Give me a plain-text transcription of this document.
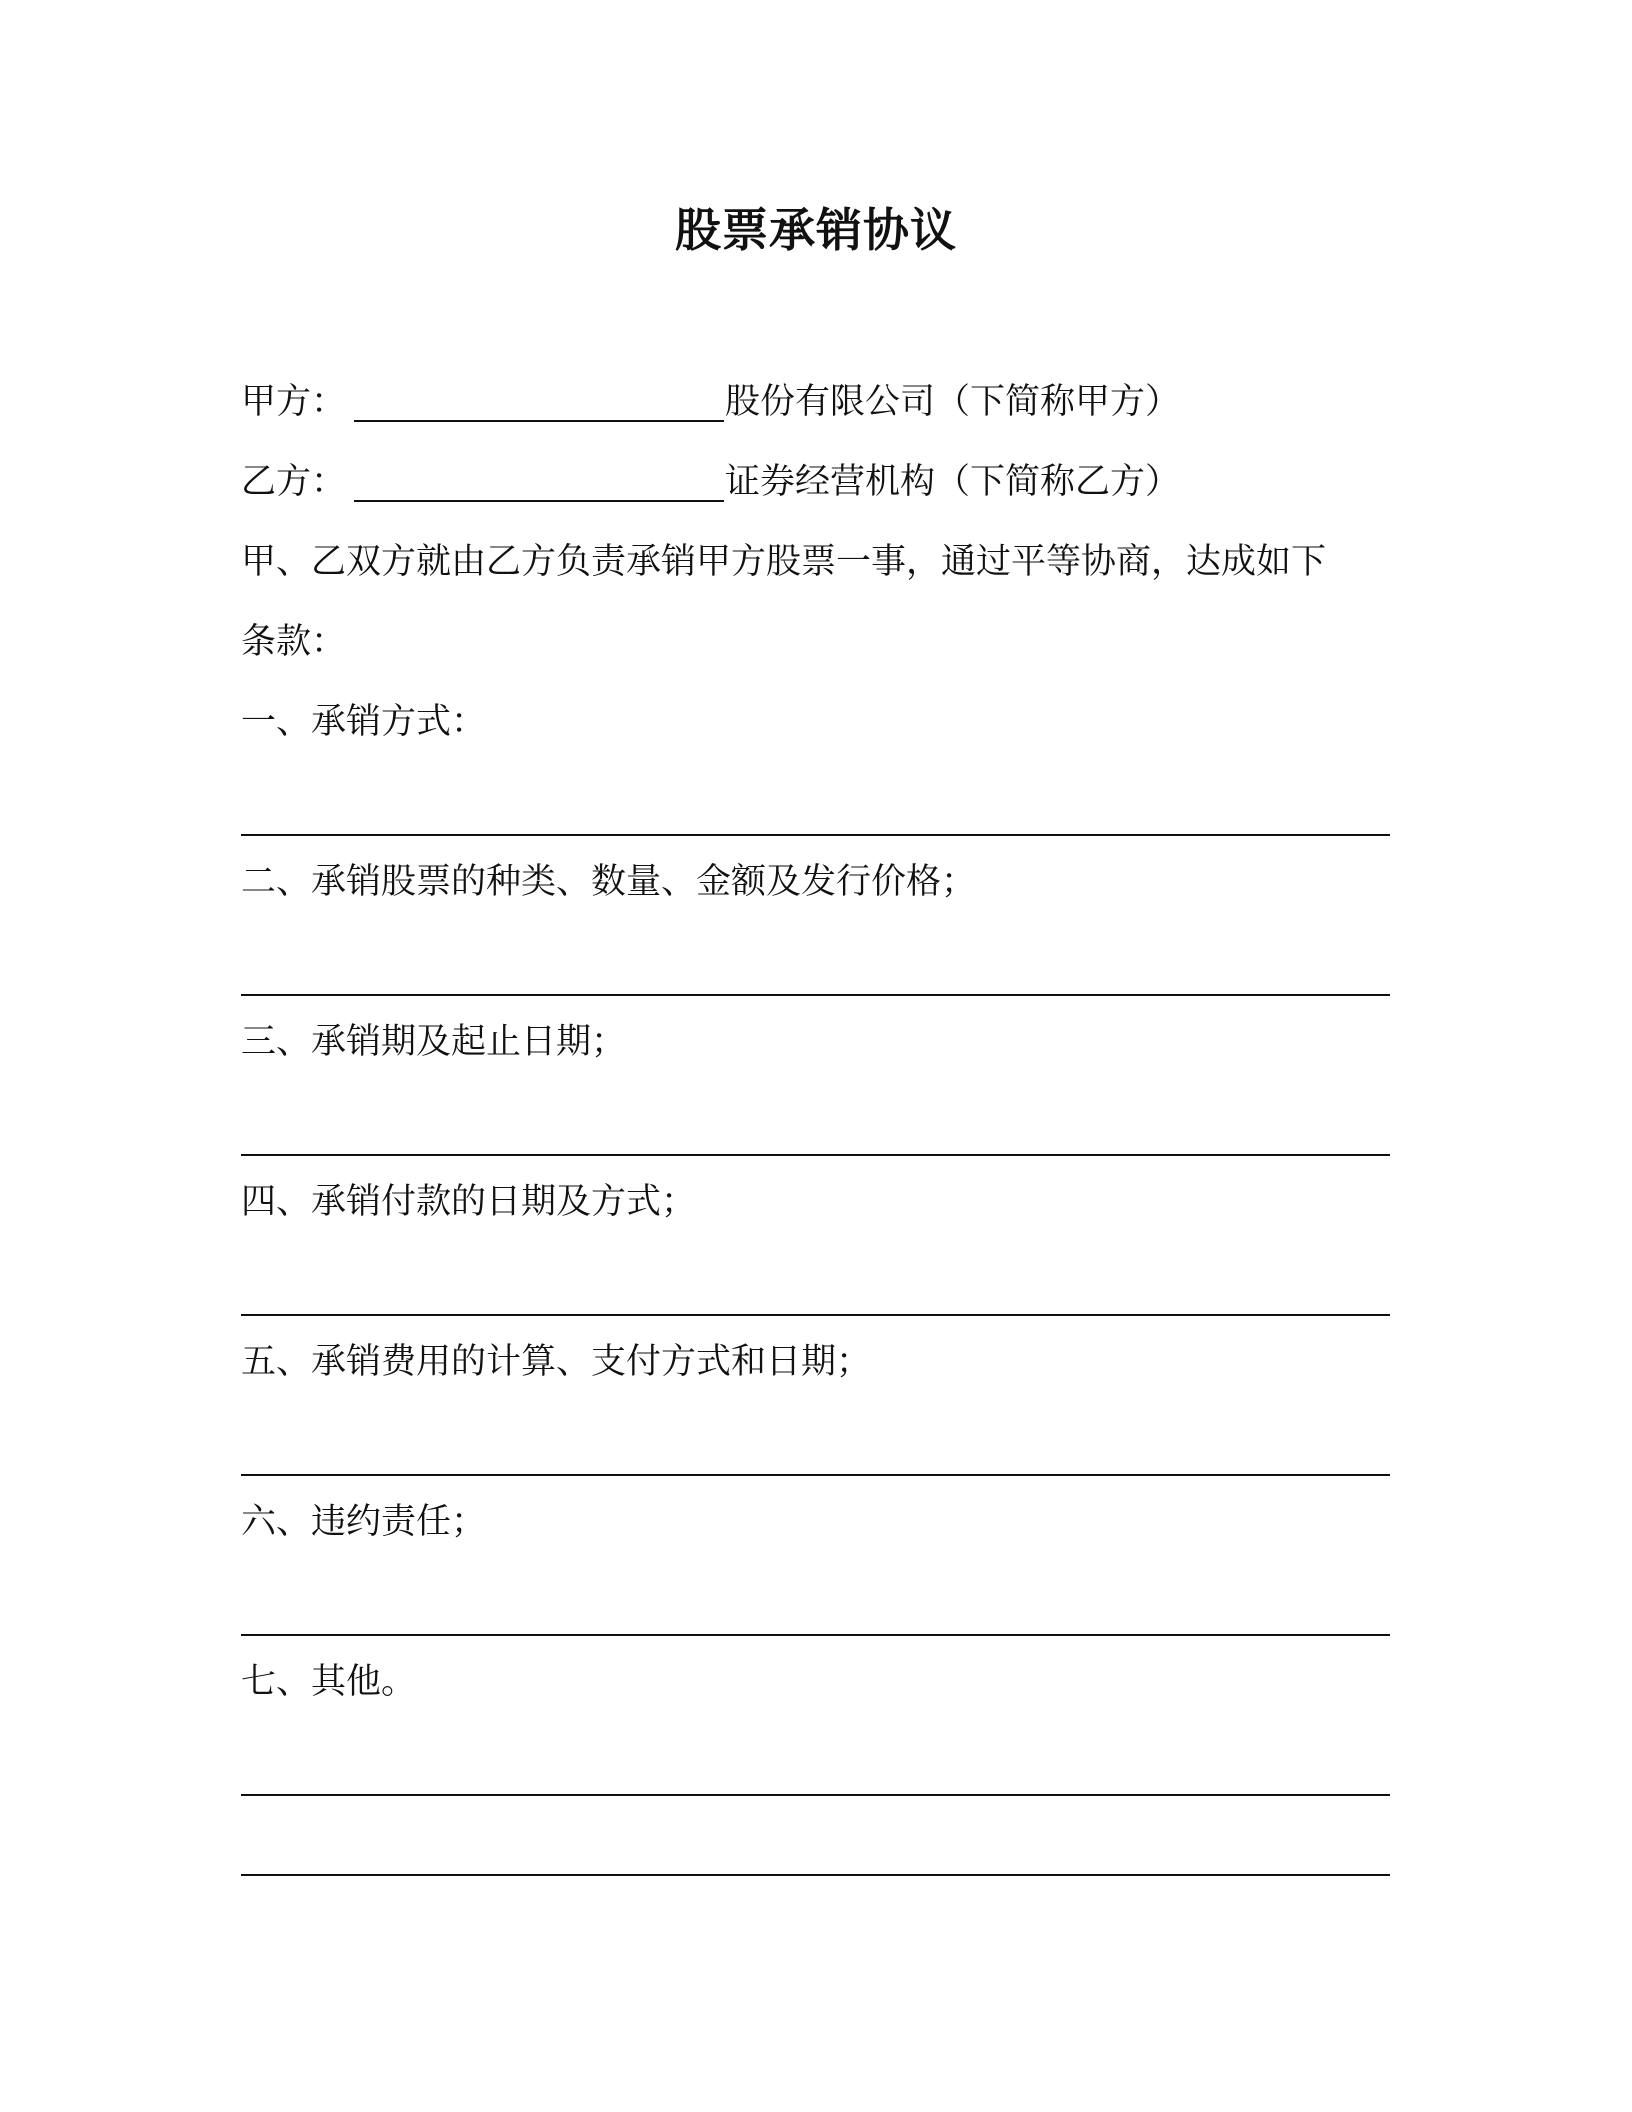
股票承销协议
甲方：	股份有限公司（下简称甲方）
乙方：	证券经营机构（下简称乙方）
甲、乙双方就由乙方负责承销甲方股票一事，通过平等协商，达成如下
条款：
一、承销方式：
二、承销股票的种类、数量、金额及发行价格；
三、承销期及起止日期；
四、承销付款的日期及方式；
五、承销费用的计算、支付方式和日期；
六、违约责任；
七、其他。
